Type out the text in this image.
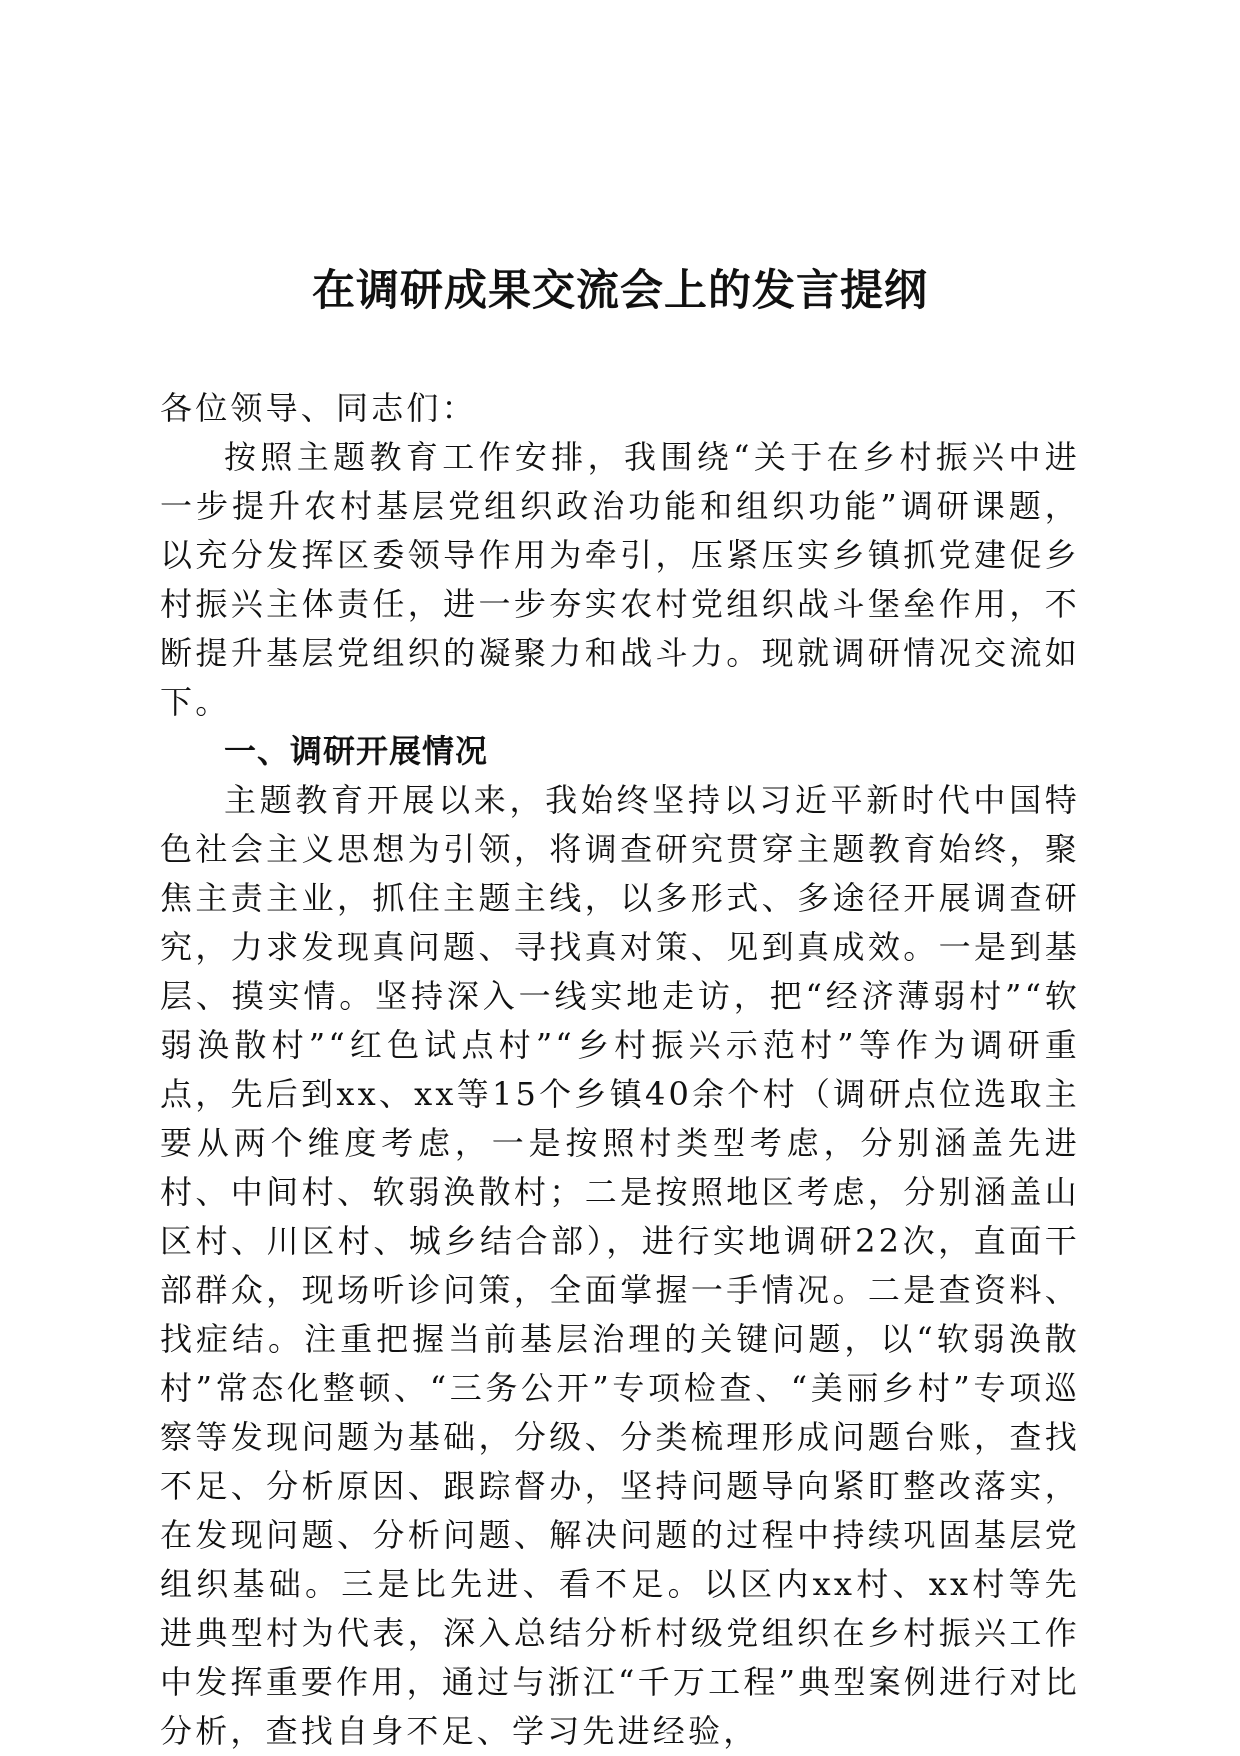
在调研成果交流会上的发言提纲

各位领导、同志们：

按照主题教育工作安排，我围绕“关于在乡村振兴中进一步提升农村基层党组织政治功能和组织功能”调研课题，以充分发挥区委领导作用为牵引，压紧压实乡镇抓党建促乡村振兴主体责任，进一步夯实农村党组织战斗堡垒作用，不断提升基层党组织的凝聚力和战斗力。现就调研情况交流如下。

一、调研开展情况

主题教育开展以来，我始终坚持以习近平新时代中国特色社会主义思想为引领，将调查研究贯穿主题教育始终，聚焦主责主业，抓住主题主线，以多形式、多途径开展调查研究，力求发现真问题、寻找真对策、见到真成效。一是到基层、摸实情。坚持深入一线实地走访，把“经济薄弱村”“软弱涣散村”“红色试点村”“乡村振兴示范村”等作为调研重点，先后到xx、xx等15个乡镇40余个村（调研点位选取主要从两个维度考虑，一是按照村类型考虑，分别涵盖先进村、中间村、软弱涣散村；二是按照地区考虑，分别涵盖山区村、川区村、城乡结合部），进行实地调研22次，直面干部群众，现场听诊问策，全面掌握一手情况。二是查资料、找症结。注重把握当前基层治理的关键问题，以“软弱涣散村”常态化整顿、“三务公开”专项检查、“美丽乡村”专项巡察等发现问题为基础，分级、分类梳理形成问题台账，查找不足、分析原因、跟踪督办，坚持问题导向紧盯整改落实，在发现问题、分析问题、解决问题的过程中持续巩固基层党组织基础。三是比先进、看不足。以区内xx村、xx村等先进典型村为代表，深入总结分析村级党组织在乡村振兴工作中发挥重要作用，通过与浙江“千万工程”典型案例进行对比分析，查找自身不足、学习先进经验，
